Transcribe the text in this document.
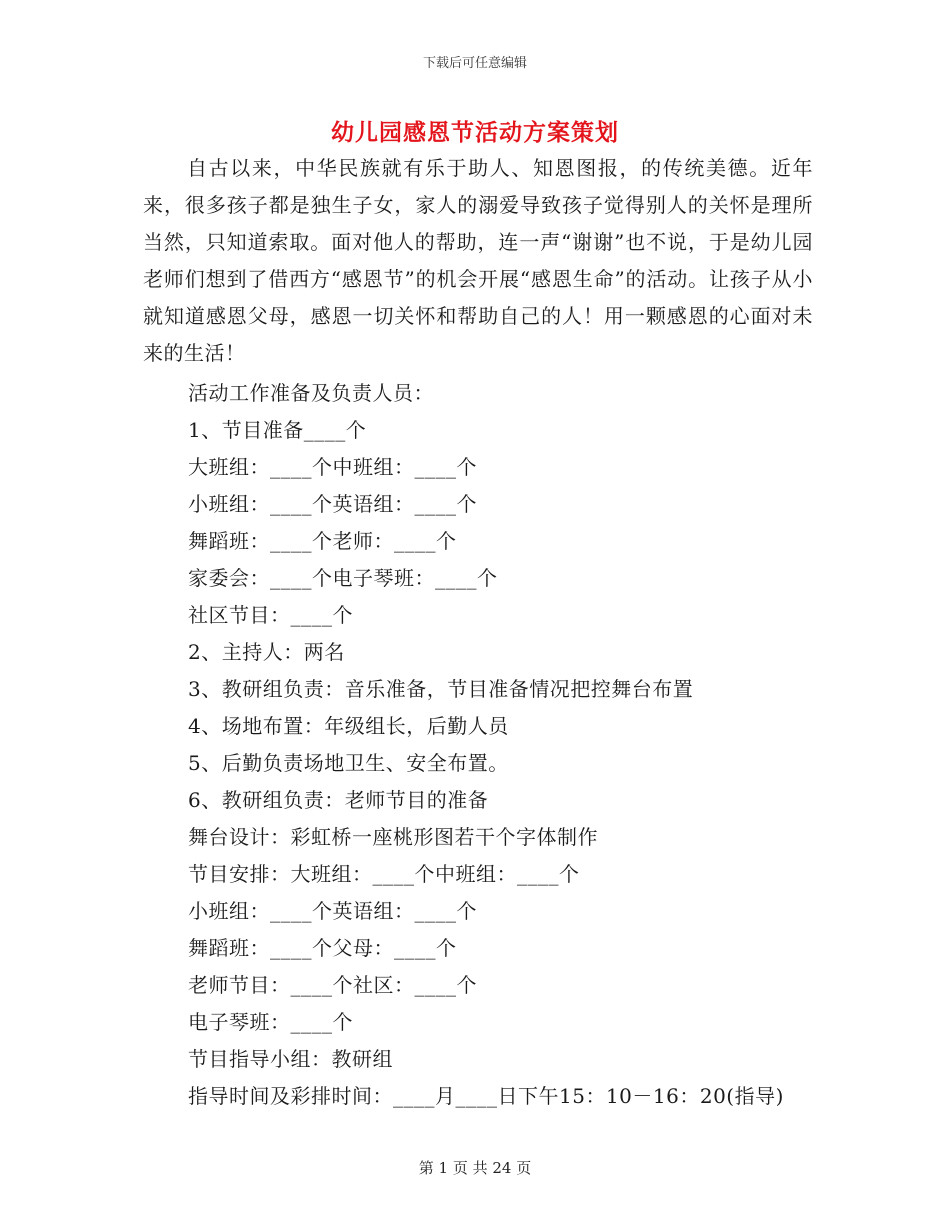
下载后可任意编辑
幼儿园感恩节活动方案策划
自古以来，中华民族就有乐于助人、知恩图报，的传统美德。近年来，很多孩子都是独生子女，家人的溺爱导致孩子觉得别人的关怀是理所当然，只知道索取。面对他人的帮助，连一声“谢谢”也不说，于是幼儿园老师们想到了借西方“感恩节”的机会开展“感恩生命”的活动。让孩子从小就知道感恩父母，感恩一切关怀和帮助自己的人！用一颗感恩的心面对未来的生活！
活动工作准备及负责人员：
1、节目准备____个
大班组：____个中班组：____个
小班组：____个英语组：____个
舞蹈班：____个老师：____个
家委会：____个电子琴班：____个
社区节目：____个
2、主持人：两名
3、教研组负责：音乐准备，节目准备情况把控舞台布置
4、场地布置：年级组长，后勤人员
5、后勤负责场地卫生、安全布置。
6、教研组负责：老师节目的准备
舞台设计：彩虹桥一座桃形图若干个字体制作
节目安排：大班组：____个中班组：____个
小班组：____个英语组：____个
舞蹈班：____个父母：____个
老师节目：____个社区：____个
电子琴班：____个
节目指导小组：教研组
指导时间及彩排时间：____月____日下午15：10－16：20(指导)
第 1 页 共 24 页
